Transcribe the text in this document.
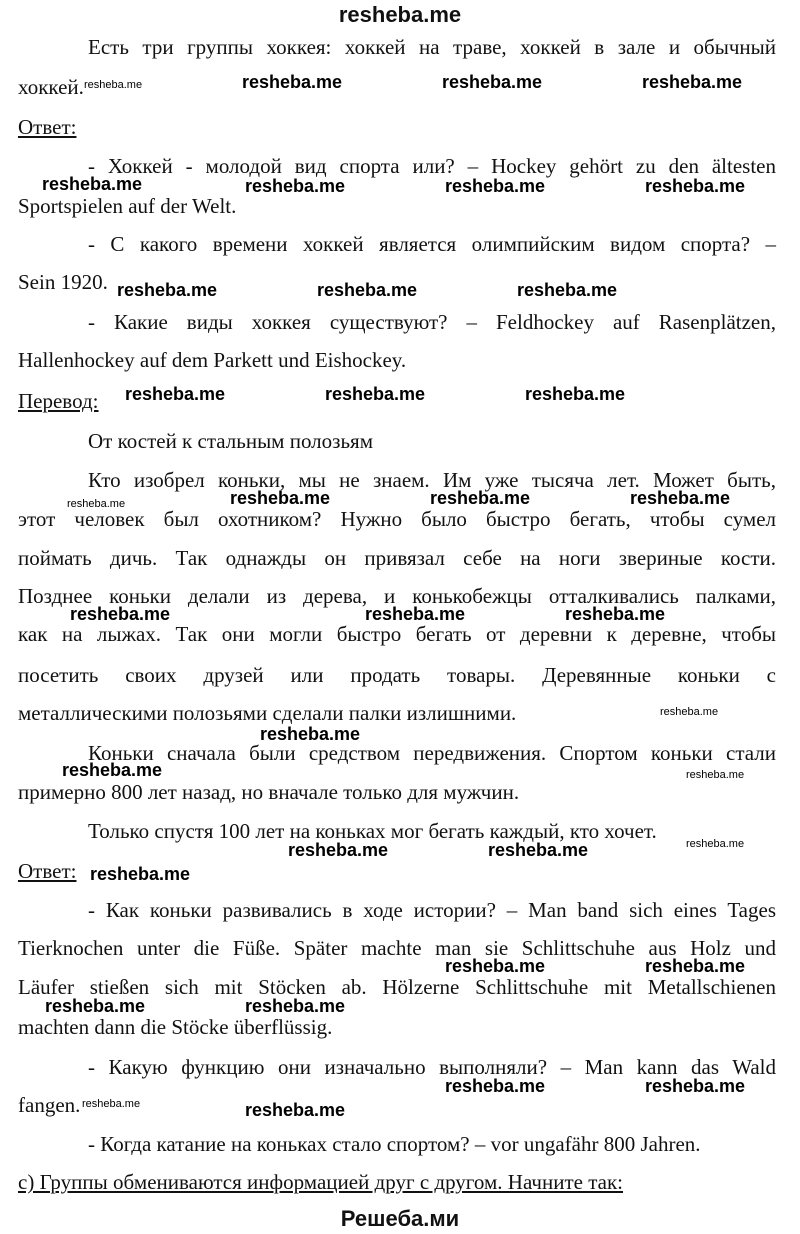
resheba.me
Есть три группы хоккея: хоккей на траве, хоккей в зале и обычный
хоккей.
Ответ:
- Хоккей - молодой вид спорта или? – Hockey gehört zu den ältesten
Sportspielen auf der Welt.
- С какого времени хоккей является олимпийским видом спорта? –
Sein 1920.
- Какие виды хоккея существуют? – Feldhockey auf Rasenplätzen,
Hallenhockey auf dem Parkett und Eishockey.
Перевод:
От костей к стальным полозьям
Кто изобрел коньки, мы не знаем. Им уже тысяча лет. Может быть,
этот человек был охотником? Нужно было быстро бегать, чтобы сумел
поймать дичь. Так однажды он привязал себе на ноги звериные кости.
Позднее коньки делали из дерева, и конькобежцы отталкивались палками,
как на лыжах. Так они могли быстро бегать от деревни к деревне, чтобы
посетить своих друзей или продать товары. Деревянные коньки с
металлическими полозьями сделали палки излишними.
Коньки сначала были средством передвижения. Спортом коньки стали
примерно 800 лет назад, но вначале только для мужчин.
Только спустя 100 лет на коньках мог бегать каждый, кто хочет.
Ответ:
- Как коньки развивались в ходе истории? – Man band sich eines Tages
Tierknochen unter die Füße. Später machte man sie Schlittschuhe aus Holz und
Läufer stießen sich mit Stöcken ab. Hölzerne Schlittschuhe mit Metallschienen
machten dann die Stöcke überflüssig.
- Какую функцию они изначально выполняли? – Man kann das Wald
fangen.
- Когда катание на коньках стало спортом? – vor ungafähr 800 Jahren.
с) Группы обмениваются информацией друг с другом. Начните так:
resheba.me	resheba.me	resheba.me
resheba.me	resheba.me	resheba.me	resheba.me
resheba.me	resheba.me	resheba.me
resheba.me	resheba.me	resheba.me
resheba.me	resheba.me	resheba.me
resheba.me	resheba.me	resheba.me
resheba.me
resheba.me
resheba.me	resheba.me
resheba.me
resheba.me	resheba.me
resheba.me	resheba.me
resheba.me	resheba.me
resheba.me
resheba.me
resheba.me
resheba.me
resheba.me
resheba.me
resheba.me
Решеба.ми
